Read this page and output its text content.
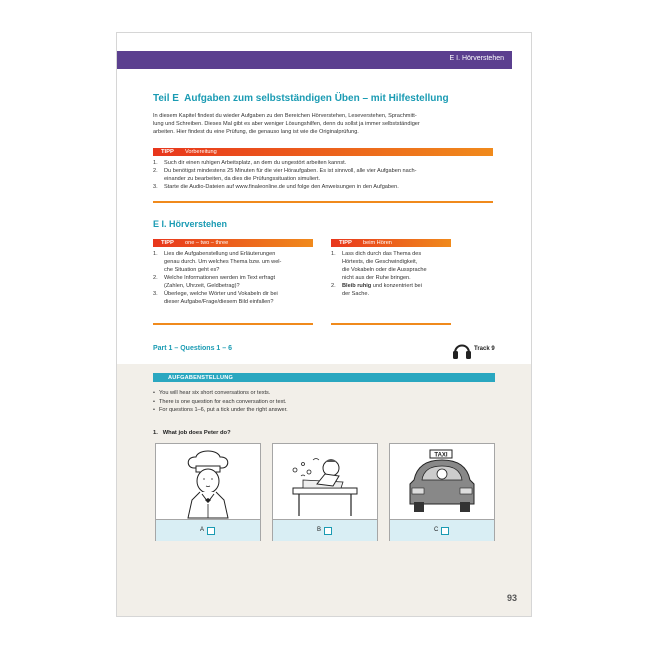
E I. Hörverstehen
Teil E  Aufgaben zum selbstständigen Üben – mit Hilfestellung
In diesem Kapitel findest du wieder Aufgaben zu den Bereichen Hörverstehen, Leseverstehen, Sprachmitt-
lung und Schreiben. Dieses Mal gibt es aber weniger Lösungshilfen, denn du sollst ja immer selbstständiger
arbeiten. Hier findest du eine Prüfung, die genauso lang ist wie die Originalprüfung.
TIPP Vorbereitung
1. Such dir einen ruhigen Arbeitsplatz, an dem du ungestört arbeiten kannst.
2. Du benötigst mindestens 25 Minuten für die vier Höraufgaben. Es ist sinnvoll, alle vier Aufgaben nach-
einander zu bearbeiten, da dies die Prüfungssituation simuliert.
3. Starte die Audio-Dateien auf www.finaleonline.de und folge den Anweisungen in den Aufgaben.
E I. Hörverstehen
TIPP one – two – three
1. Lies die Aufgabenstellung und Erläuterungen
genau durch. Um welches Thema bzw. um wel-
che Situation geht es?
2. Welche Informationen werden im Text erfragt
(Zahlen, Uhrzeit, Geldbetrag)?
3. Überlege, welche Wörter und Vokabeln dir bei
dieser Aufgabe/Frage/diesem Bild einfallen?
TIPP beim Hören
1. Lass dich durch das Thema des
Hörtexts, die Geschwindigkeit,
die Vokabeln oder die Aussprache
nicht aus der Ruhe bringen.
2. Bleib ruhig und konzentriert bei
der Sache.
Part 1 – Questions 1 – 6	Track 9
AUFGABENSTELLUNG
• You will hear six short conversations or texts.
• There is one question for each conversation or text.
• For questions 1–6, put a tick under the right answer.
1. What job does Peter do?
A	B
TAXI
C
93
